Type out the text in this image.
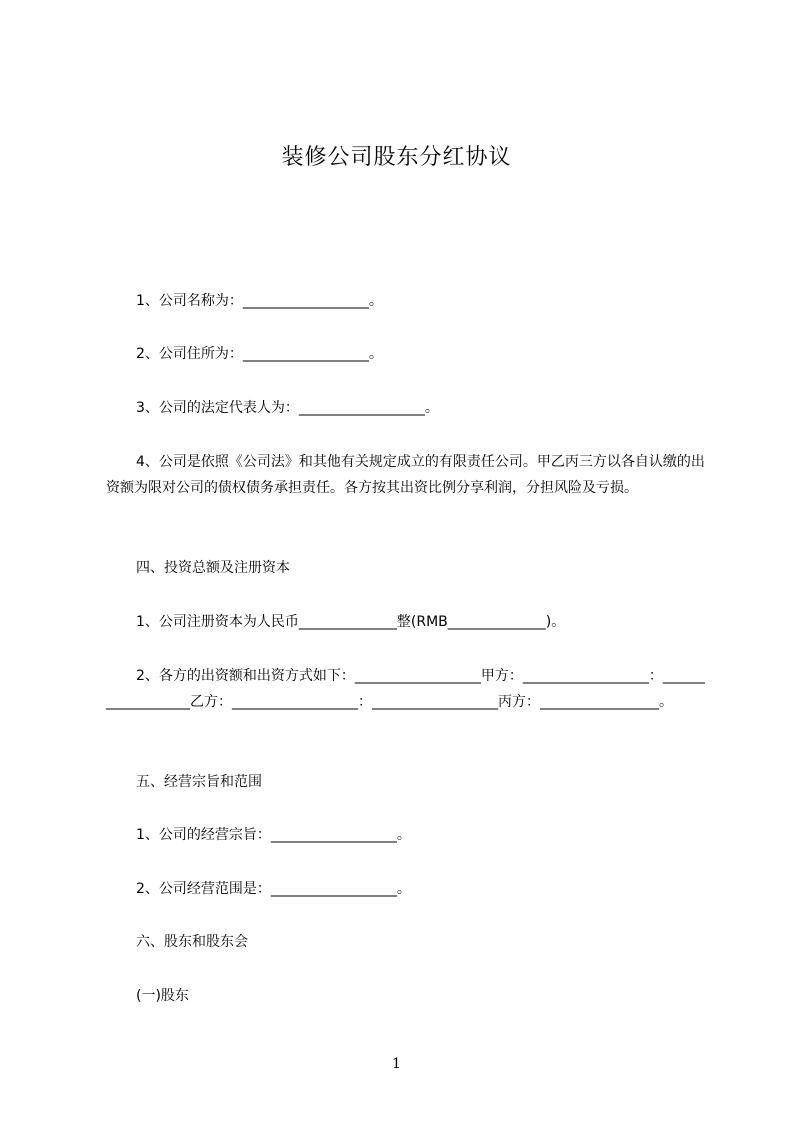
装修公司股东分红协议
1、公司名称为：__________________。
2、公司住所为：__________________。
3、公司的法定代表人为：__________________。
4、公司是依照《公司法》和其他有关规定成立的有限责任公司。甲乙丙三方以各自认缴的出资额为限对公司的债权债务承担责任。各方按其出资比例分享利润，分担风险及亏损。
四、投资总额及注册资本
1、公司注册资本为人民币______________整(RMB______________)。
2、各方的出资额和出资方式如下：__________________甲方：__________________：__________________乙方：__________________：__________________丙方：_________________。
五、经营宗旨和范围
1、公司的经营宗旨：__________________。
2、公司经营范围是：__________________。
六、股东和股东会
(一)股东
1
